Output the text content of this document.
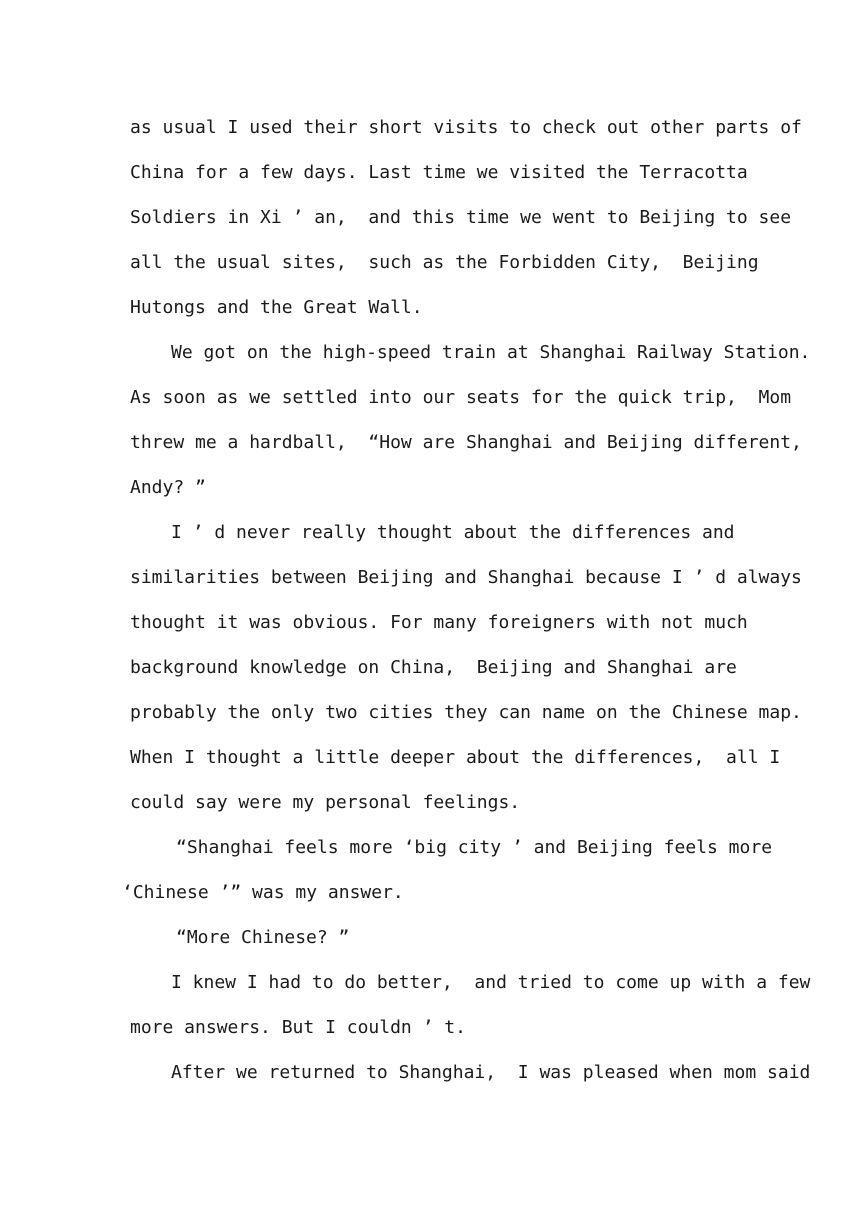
as usual I used their short visits to check out other parts of
China for a few days. Last time we visited the Terracotta
Soldiers in Xi ’ an,  and this time we went to Beijing to see
all the usual sites,  such as the Forbidden City,  Beijing
Hutongs and the Great Wall.
We got on the high-speed train at Shanghai Railway Station.
As soon as we settled into our seats for the quick trip,  Mom
threw me a hardball,  “How are Shanghai and Beijing different,
Andy? ”
I ’ d never really thought about the differences and
similarities between Beijing and Shanghai because I ’ d always
thought it was obvious. For many foreigners with not much
background knowledge on China,  Beijing and Shanghai are
probably the only two cities they can name on the Chinese map.
When I thought a little deeper about the differences,  all I
could say were my personal feelings.
“Shanghai feels more ‘big city ’ and Beijing feels more
‘Chinese ’” was my answer.
“More Chinese? ”
I knew I had to do better,  and tried to come up with a few
more answers. But I couldn ’ t.
After we returned to Shanghai,  I was pleased when mom said
